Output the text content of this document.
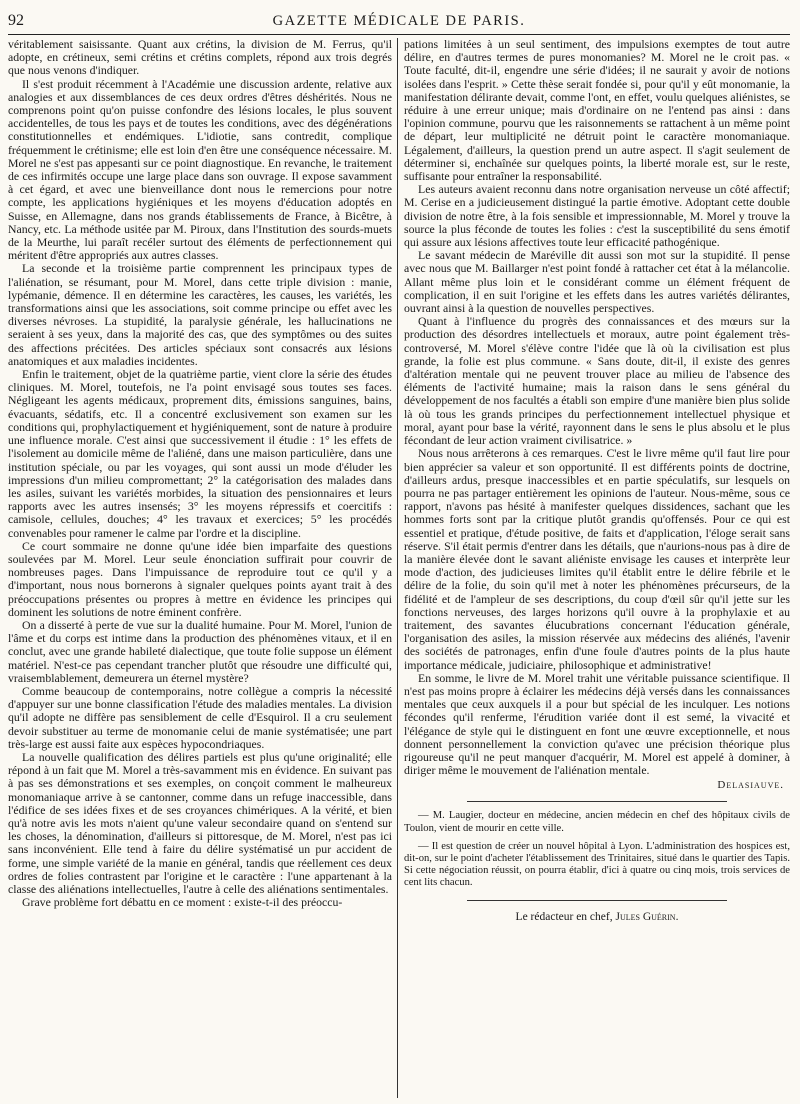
92	GAZETTE MÉDICALE DE PARIS.

véritablement saisissante. Quant aux crétins, la division de M. Ferrus, qu'il adopte, en crétineux, semi crétins et crétins complets, répond aux trois degrés que nous venons d'indiquer.

Il s'est produit récemment à l'Académie une discussion ardente, relative aux analogies et aux dissemblances de ces deux ordres d'êtres déshérités. Nous ne comprenons point qu'on puisse confondre des lésions locales, le plus souvent accidentelles, de tous les pays et de toutes les conditions, avec des dégénérations constitutionnelles et endémiques. L'idiotie, sans contredit, complique fréquemment le crétinisme; elle est loin d'en être une conséquence nécessaire. M. Morel ne s'est pas appesanti sur ce point diagnostique. En revanche, le traitement de ces infirmités occupe une large place dans son ouvrage. Il expose savamment à cet égard, et avec une bienveillance dont nous le remercions pour notre compte, les applications hygiéniques et les moyens d'éducation adoptés en Suisse, en Allemagne, dans nos grands établissements de France, à Bicêtre, à Nancy, etc. La méthode usitée par M. Piroux, dans l'Institution des sourds-muets de la Meurthe, lui paraît recéler surtout des éléments de perfectionnement qui méritent d'être appropriés aux autres classes.

La seconde et la troisième partie comprennent les principaux types de l'aliénation, se résumant, pour M. Morel, dans cette triple division : manie, lypémanie, démence. Il en détermine les caractères, les causes, les variétés, les transformations ainsi que les associations, soit comme principe ou effet avec les diverses névroses. La stupidité, la paralysie générale, les hallucinations ne seraient à ses yeux, dans la majorité des cas, que des symptômes ou des suites des affections précitées. Des articles spéciaux sont consacrés aux lésions anatomiques et aux maladies incidentes.

Enfin le traitement, objet de la quatrième partie, vient clore la série des études cliniques. M. Morel, toutefois, ne l'a point envisagé sous toutes ses faces. Négligeant les agents médicaux, proprement dits, émissions sanguines, bains, évacuants, sédatifs, etc. Il a concentré exclusivement son examen sur les conditions qui, prophylactiquement et hygiéniquement, sont de nature à produire une influence morale. C'est ainsi que successivement il étudie : 1° les effets de l'isolement au domicile même de l'aliéné, dans une maison particulière, dans une institution spéciale, ou par les voyages, qui sont aussi un mode d'éluder les impressions d'un milieu compromettant; 2° la catégorisation des malades dans les asiles, suivant les variétés morbides, la situation des pensionnaires et leurs rapports avec les autres insensés; 3° les moyens répressifs et coercitifs : camisole, cellules, douches; 4° les travaux et exercices; 5° les procédés convenables pour ramener le calme par l'ordre et la discipline.

Ce court sommaire ne donne qu'une idée bien imparfaite des questions soulevées par M. Morel. Leur seule énonciation suffirait pour couvrir de nombreuses pages. Dans l'impuissance de reproduire tout ce qu'il y a d'important, nous nous bornerons à signaler quelques points ayant trait à des préoccupations présentes ou propres à mettre en évidence les principes qui dominent les solutions de notre éminent confrère.

On a disserté à perte de vue sur la dualité humaine. Pour M. Morel, l'union de l'âme et du corps est intime dans la production des phénomènes vitaux, et il en conclut, avec une grande habileté dialectique, que toute folie suppose un élément matériel. N'est-ce pas cependant trancher plutôt que résoudre une difficulté qui, vraisemblablement, demeurera un éternel mystère?

Comme beaucoup de contemporains, notre collègue a compris la nécessité d'appuyer sur une bonne classification l'étude des maladies mentales. La division qu'il adopte ne diffère pas sensiblement de celle d'Esquirol. Il a cru seulement devoir substituer au terme de monomanie celui de manie systématisée; une part très-large est aussi faite aux espèces hypocondriaques.

La nouvelle qualification des délires partiels est plus qu'une originalité; elle répond à un fait que M. Morel a très-savamment mis en évidence. En suivant pas à pas ses démonstrations et ses exemples, on conçoit comment le malheureux monomaniaque arrive à se cantonner, comme dans un refuge inaccessible, dans l'édifice de ses idées fixes et de ses croyances chimériques. A la vérité, et bien qu'à notre avis les mots n'aient qu'une valeur secondaire quand on s'entend sur les choses, la dénomination, d'ailleurs si pittoresque, de M. Morel, n'est pas ici sans inconvénient. Elle tend à faire du délire systématisé un pur accident de forme, une simple variété de la manie en général, tandis que réellement ces deux ordres de folies contrastent par l'origine et le caractère : l'une appartenant à la classe des aliénations intellectuelles, l'autre à celle des aliénations sentimentales.

Grave problème fort débattu en ce moment : existe-t-il des préoccu-

pations limitées à un seul sentiment, des impulsions exemptes de tout autre délire, en d'autres termes de pures monomanies? M. Morel ne le croit pas. « Toute faculté, dit-il, engendre une série d'idées; il ne saurait y avoir de notions isolées dans l'esprit. » Cette thèse serait fondée si, pour qu'il y eût monomanie, la manifestation délirante devait, comme l'ont, en effet, voulu quelques aliénistes, se réduire à une erreur unique; mais d'ordinaire on ne l'entend pas ainsi : dans l'opinion commune, pourvu que les raisonnements se rattachent à un même point de départ, leur multiplicité ne détruit point le caractère monomaniaque. Légalement, d'ailleurs, la question prend un autre aspect. Il s'agit seulement de déterminer si, enchaînée sur quelques points, la liberté morale est, sur le reste, suffisante pour entraîner la responsabilité.

Les auteurs avaient reconnu dans notre organisation nerveuse un côté affectif; M. Cerise en a judicieusement distingué la partie émotive. Adoptant cette double division de notre être, à la fois sensible et impressionnable, M. Morel y trouve la source la plus féconde de toutes les folies : c'est la susceptibilité du sens émotif qui assure aux lésions affectives toute leur efficacité pathogénique.

Le savant médecin de Maréville dit aussi son mot sur la stupidité. Il pense avec nous que M. Baillarger n'est point fondé à rattacher cet état à la mélancolie. Allant même plus loin et le considérant comme un élément fréquent de complication, il en suit l'origine et les effets dans les autres variétés délirantes, ouvrant ainsi à la question de nouvelles perspectives.

Quant à l'influence du progrès des connaissances et des mœurs sur la production des désordres intellectuels et moraux, autre point également très-controversé, M. Morel s'élève contre l'idée que là où la civilisation est plus grande, la folie est plus commune. « Sans doute, dit-il, il existe des genres d'altération mentale qui ne peuvent trouver place au milieu de l'absence des éléments de l'activité humaine; mais la raison dans le sens général du développement de nos facultés a établi son empire d'une manière bien plus solide là où tous les grands principes du perfectionnement intellectuel physique et moral, ayant pour base la vérité, rayonnent dans le sens le plus absolu et le plus fécondant de leur action vraiment civilisatrice. »

Nous nous arrêterons à ces remarques. C'est le livre même qu'il faut lire pour bien apprécier sa valeur et son opportunité. Il est différents points de doctrine, d'ailleurs ardus, presque inaccessibles et en partie spéculatifs, sur lesquels on pourra ne pas partager entièrement les opinions de l'auteur. Nous-même, sous ce rapport, n'avons pas hésité à manifester quelques dissidences, sachant que les hommes forts sont par la critique plutôt grandis qu'offensés. Pour ce qui est essentiel et pratique, d'étude positive, de faits et d'application, l'éloge serait sans réserve. S'il était permis d'entrer dans les détails, que n'aurions-nous pas à dire de la manière élevée dont le savant aliéniste envisage les causes et interprète leur mode d'action, des judicieuses limites qu'il établit entre le délire fébrile et le délire de la folie, du soin qu'il met à noter les phénomènes précurseurs, de la fidélité et de l'ampleur de ses descriptions, du coup d'œil sûr qu'il jette sur les fonctions nerveuses, des larges horizons qu'il ouvre à la prophylaxie et au traitement, des savantes élucubrations concernant l'éducation générale, l'organisation des asiles, la mission réservée aux médecins des aliénés, l'avenir des sociétés de patronages, enfin d'une foule d'autres points de la plus haute importance médicale, judiciaire, philosophique et administrative!

En somme, le livre de M. Morel trahit une véritable puissance scientifique. Il n'est pas moins propre à éclairer les médecins déjà versés dans les connaissances mentales que ceux auxquels il a pour but spécial de les inculquer. Les notions fécondes qu'il renferme, l'érudition variée dont il est semé, la vivacité et l'élégance de style qui le distinguent en font une œuvre exceptionnelle, et nous donnent personnellement la conviction qu'avec une précision théorique plus rigoureuse qu'il ne peut manquer d'acquérir, M. Morel est appelé à dominer, à diriger même le mouvement de l'aliénation mentale.

Delasiauve.

— M. Laugier, docteur en médecine, ancien médecin en chef des hôpitaux civils de Toulon, vient de mourir en cette ville.

— Il est question de créer un nouvel hôpital à Lyon. L'administration des hospices est, dit-on, sur le point d'acheter l'établissement des Trinitaires, situé dans le quartier des Tapis. Si cette négociation réussit, on pourra établir, d'ici à quatre ou cinq mois, trois services de cent lits chacun.

Le rédacteur en chef, Jules Guérin.
